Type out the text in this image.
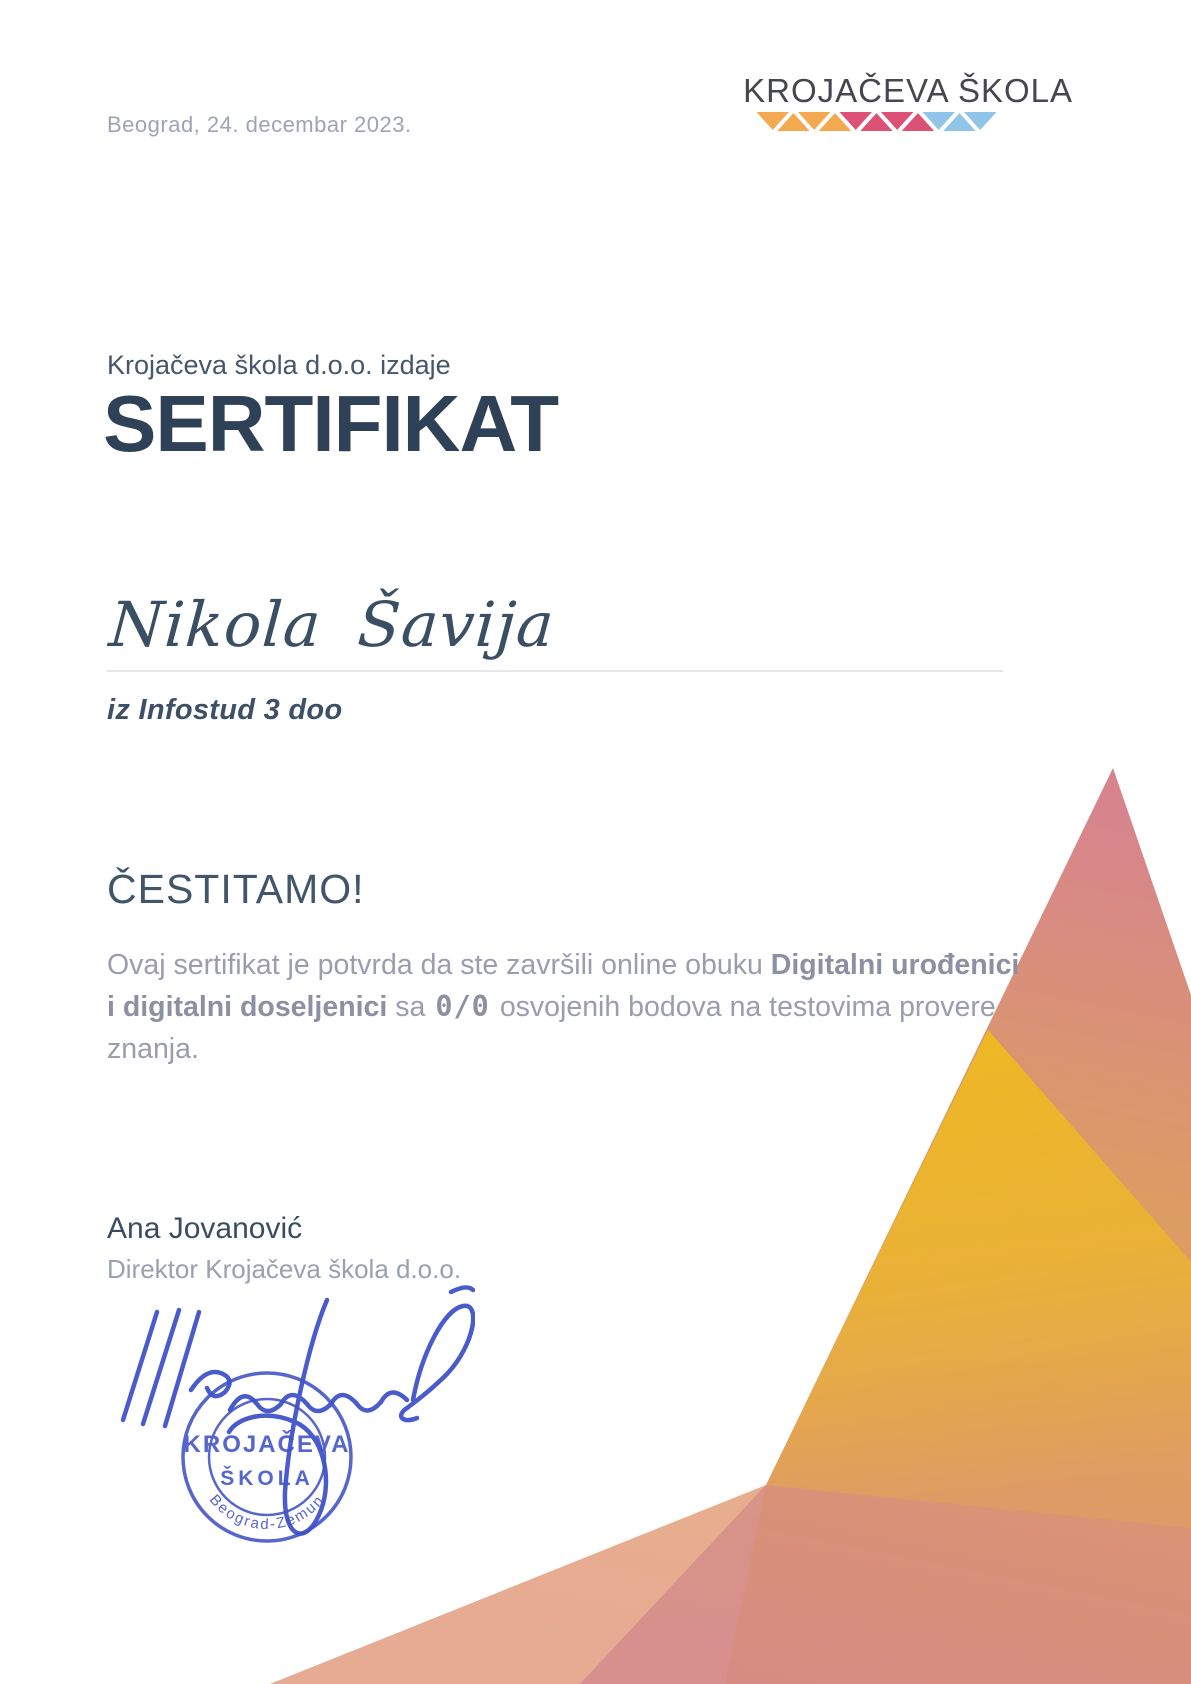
Beograd, 24. decembar 2023.
KROJAČEVA ŠKOLA
Krojačeva škola d.o.o. izdaje
SERTIFIKAT
Nikola Šavija
iz Infostud 3 doo
ČESTITAMO!
Ovaj sertifikat je potvrda da ste završili online obuku Digitalni urođenici i digitalni doseljenici sa 0/0 osvojenih bodova na testovima provere znanja.
Ana Jovanović
Direktor Krojačeva škola d.o.o.
KROJAČEVA
ŠKOLA
Beograd-Zemun
